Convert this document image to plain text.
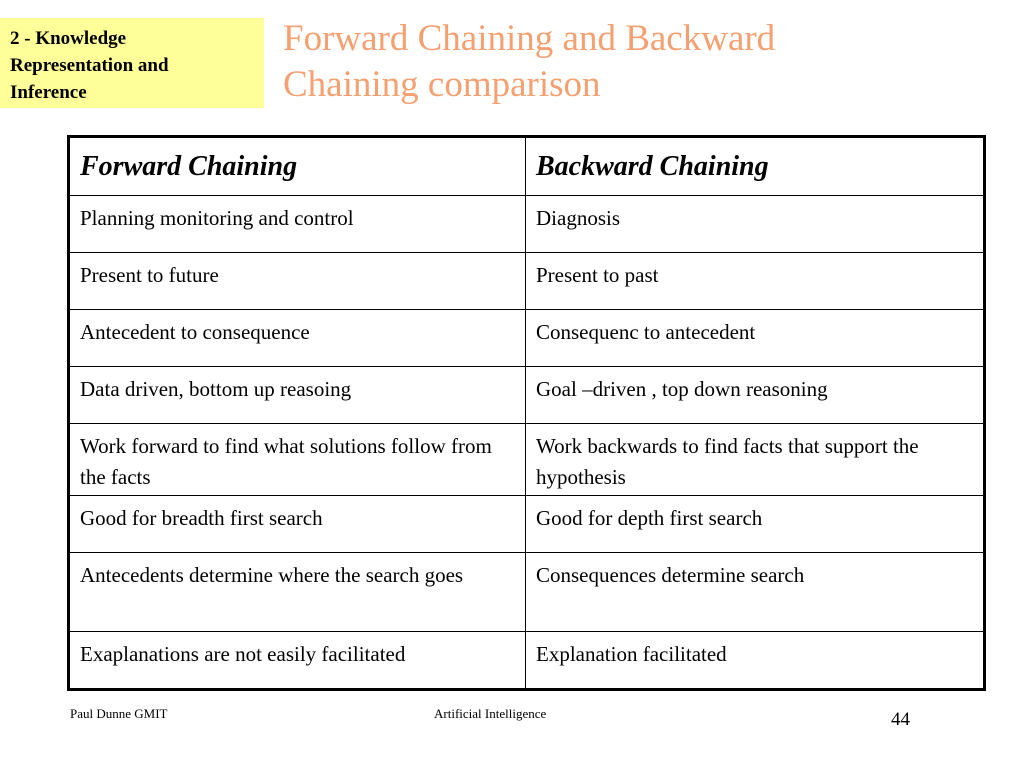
2 - Knowledge
Representation and
Inference
Forward Chaining and Backward
Chaining comparison
Forward Chaining	Backward Chaining
Planning monitoring and control	Diagnosis
Present to future	Present to past
Antecedent to consequence	Consequenc to antecedent
Data driven, bottom up reasoing	Goal –driven , top down reasoning
Work forward to find what solutions follow from the facts	Work backwards to find facts that support the hypothesis
Good for breadth first search	Good for depth first search
Antecedents determine where the search goes	Consequences determine search
Exaplanations are not easily facilitated	Explanation facilitated
Paul Dunne GMIT	Artificial Intelligence	44
